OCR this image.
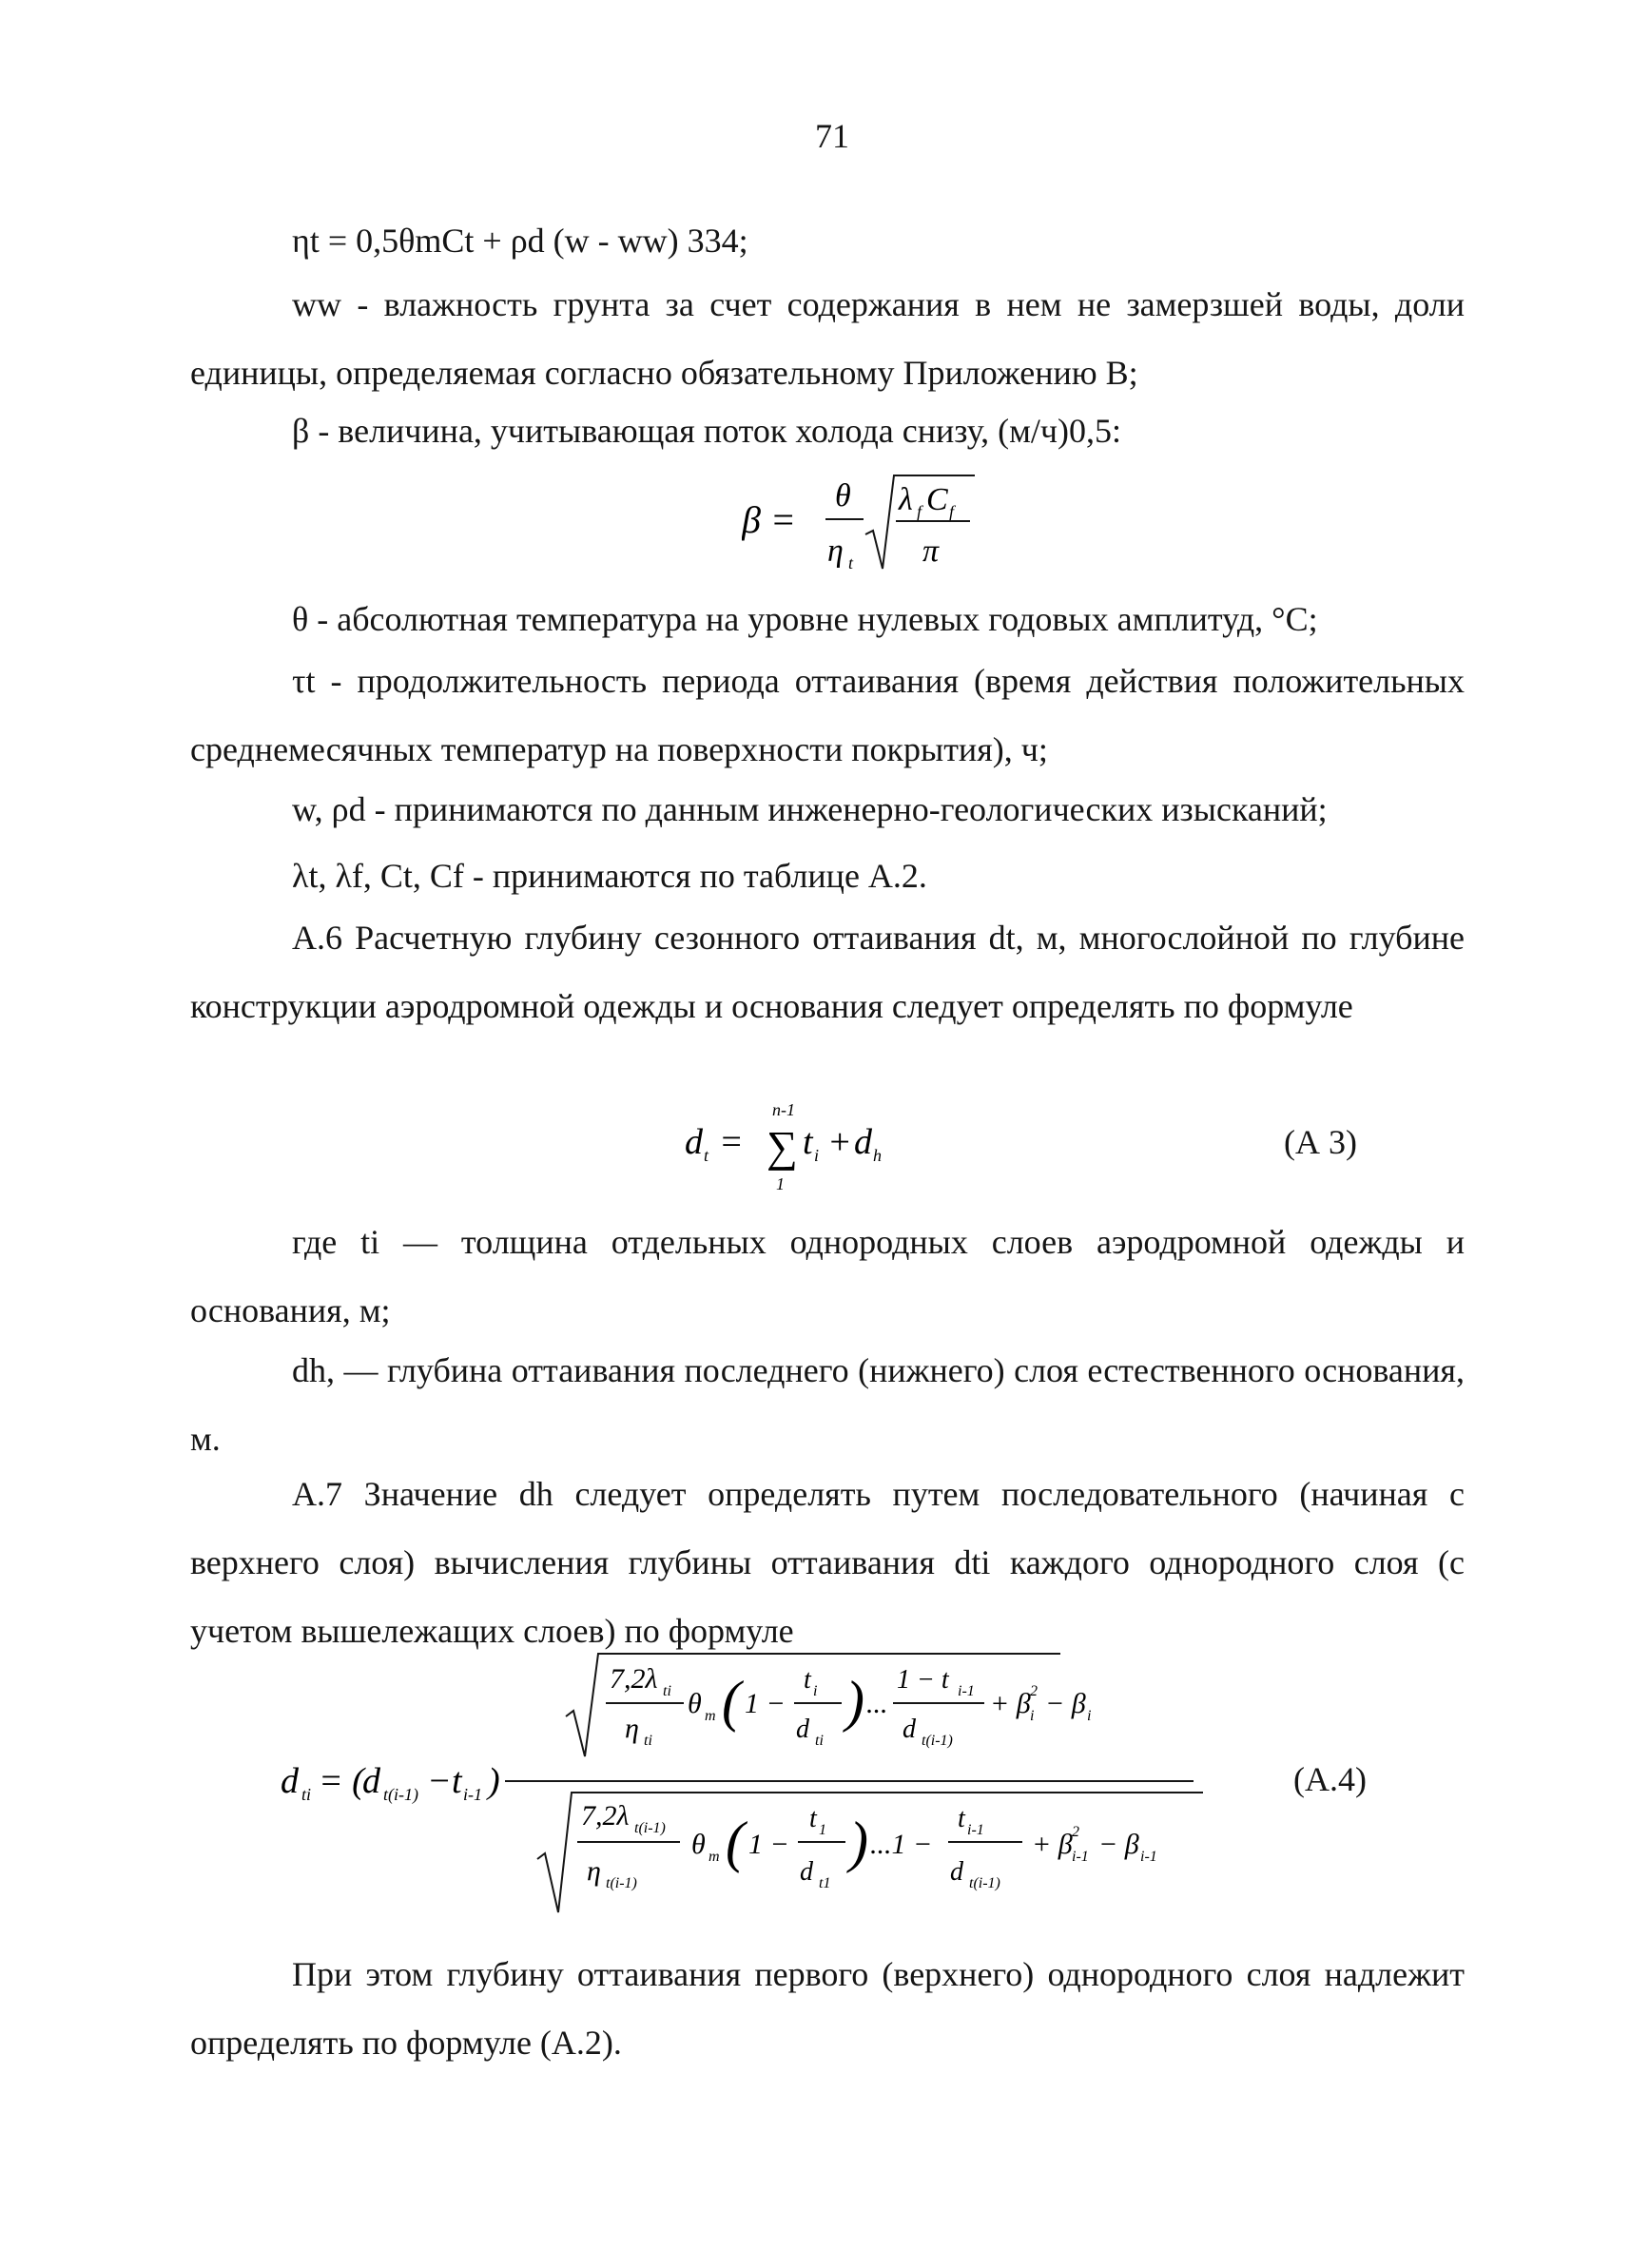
71
ηt = 0,5θmCt + ρd (w - ww) 334;

ww - влажность грунта за счет содержания в нем не замерзшей воды, доли единицы, определяемая согласно обязательному Приложению В;

β - величина, учитывающая поток холода снизу, (м/ч)0,5:
β =
θ
η t
λ f C f
π
θ - абсолютная температура на уровне нулевых годовых амплитуд, °С;

τt - продолжительность периода оттаивания (время действия положительных среднемесячных температур на поверхности покрытия), ч;

w, ρd - принимаются по данным инженерно-геологических изысканий;
λt, λf, Ct, Cf - принимаются по таблице А.2.

А.6 Расчетную глубину сезонного оттаивания dt, м, многослойной по глубине конструкции аэродромной одежды и основания следует определять по формуле

d t =
n-1
∑
1
t i + d h	(А 3)

где ti — толщина отдельных однородных слоев аэродромной одежды и основания, м;

dh, — глубина оттаивания последнего (нижнего) слоя естественного основания, м.

А.7 Значение dh следует определять путем последовательного (начиная с верхнего слоя) вычисления глубины оттаивания dti каждого однородного слоя (с учетом вышележащих слоев) по формуле

d ti = (
d t(i-1) − t i-1 )
7,2λ ti
η ti
θ m ( 1 −
t i
d ti
) ...
1 − t i-1
d t(i-1)
+ β 2
i − β i
7,2λ t(i-1)
η t(i-1)
θ m ( 1 −
t 1
d t1
) ...1 −
t i-1
d t(i-1)
+ β 2
i-1 − β i-1
(А.4)

При этом глубину оттаивания первого (верхнего) однородного слоя надлежит определять по формуле (А.2).
